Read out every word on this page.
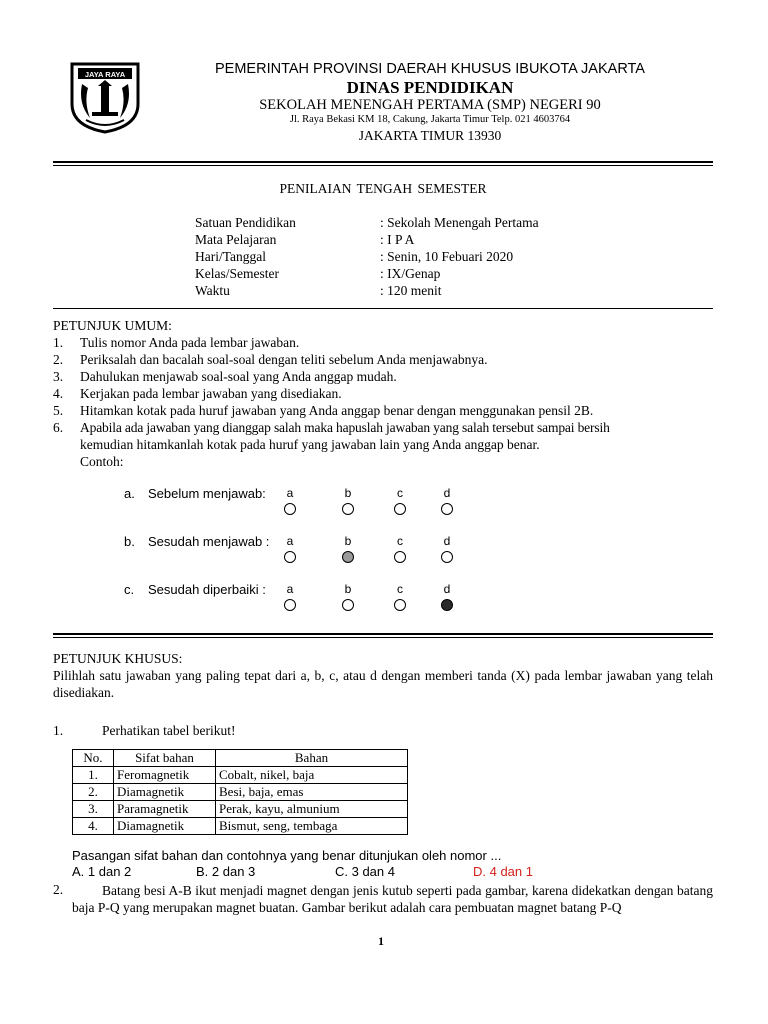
JAYA RAYA	PEMERINTAH PROVINSI DAERAH KHUSUS IBUKOTA JAKARTA
DINAS PENDIDIKAN
SEKOLAH MENENGAH PERTAMA (SMP) NEGERI 90
Jl. Raya Bekasi KM 18, Cakung, Jakarta Timur Telp. 021 4603764
JAKARTA TIMUR 13930
PENILAIAN TENGAH SEMESTER
Satuan Pendidikan	: Sekolah Menengah Pertama
Mata Pelajaran	: I P A
Hari/Tanggal	: Senin, 10 Febuari 2020
Kelas/Semester	: IX/Genap
Waktu	: 120 menit
PETUNJUK UMUM:
1. Tulis nomor Anda pada lembar jawaban.
2. Periksalah dan bacalah soal-soal dengan teliti sebelum Anda menjawabnya.
3. Dahulukan menjawab soal-soal yang Anda anggap mudah.
4. Kerjakan pada lembar jawaban yang disediakan.
5. Hitamkan kotak pada huruf jawaban yang Anda anggap benar dengan menggunakan pensil 2B.
6. Apabila ada jawaban yang dianggap salah maka hapuslah jawaban yang salah tersebut sampai bersih
kemudian hitamkanlah kotak pada huruf yang jawaban lain yang Anda anggap benar.
Contoh:
a. Sebelum menjawab:	a	b	c	d
b. Sesudah menjawab :	a	b	c	d
c. Sesudah diperbaiki :	a	b	c	d
PETUNJUK KHUSUS:
Pilihlah satu jawaban yang paling tepat dari a, b, c, atau d dengan memberi tanda (X) pada lembar jawaban yang telah disediakan.
1.	Perhatikan tabel berikut!
No.	Sifat bahan	Bahan
1.	Feromagnetik	Cobalt, nikel, baja
2.	Diamagnetik	Besi, baja, emas
3.	Paramagnetik	Perak, kayu, almunium
4.	Diamagnetik	Bismut, seng, tembaga
Pasangan sifat bahan dan contohnya yang benar ditunjukan oleh nomor ...
A. 1 dan 2	B. 2 dan 3	C. 3 dan 4	D. 4 dan 1
2.	Batang besi A-B ikut menjadi magnet dengan jenis kutub seperti pada gambar, karena didekatkan dengan batang baja P-Q yang merupakan magnet buatan. Gambar berikut adalah cara pembuatan magnet batang P-Q
1
